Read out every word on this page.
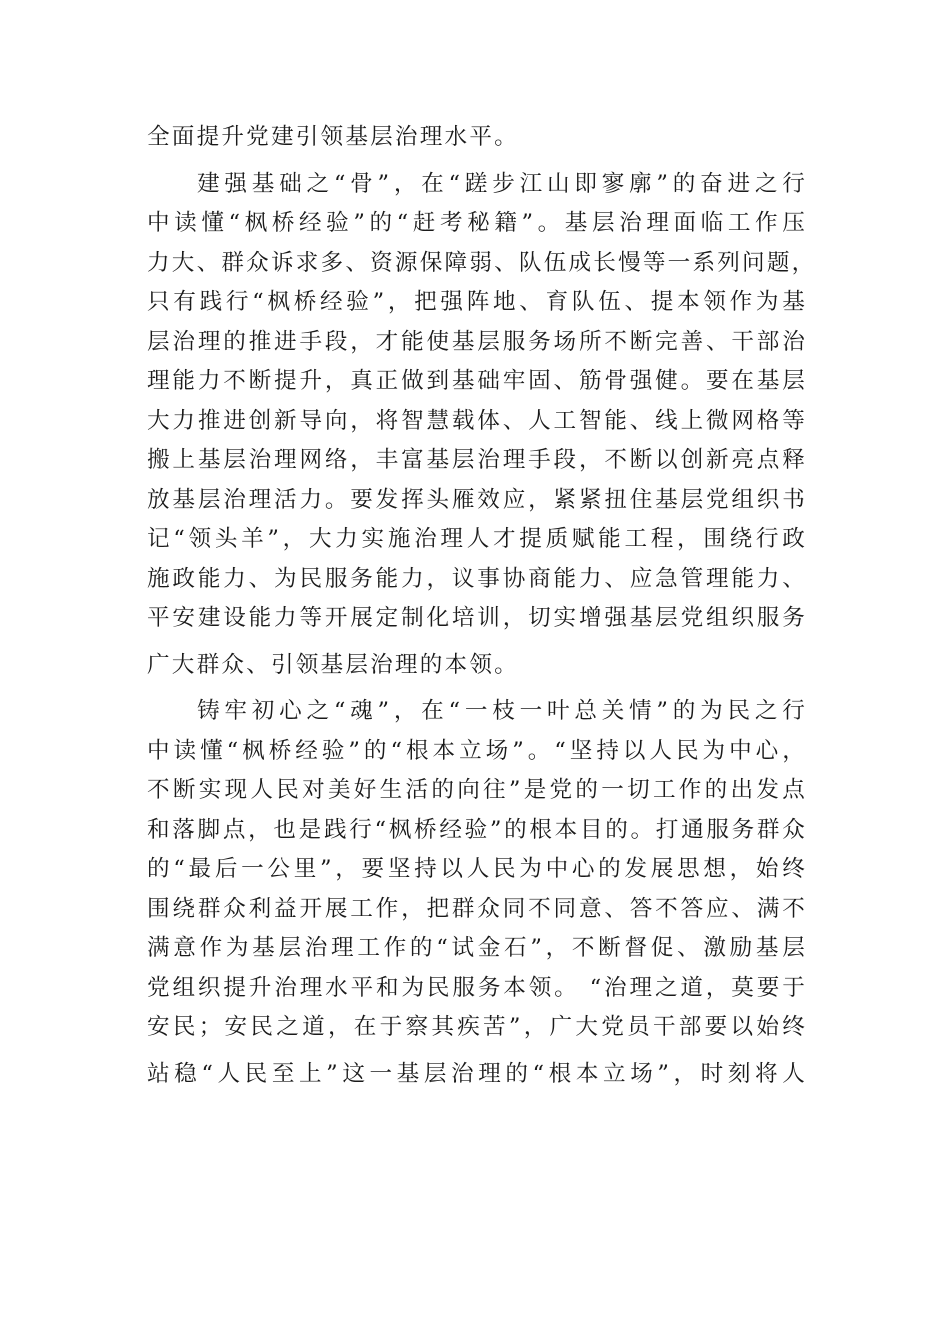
全面提升党建引领基层治理水平。
建强基础之“骨”，在“蹉步江山即寥廓”的奋进之行
中读懂“枫桥经验”的“赶考秘籍”。基层治理面临工作压
力大、群众诉求多、资源保障弱、队伍成长慢等一系列问题，
只有践行“枫桥经验”，把强阵地、育队伍、提本领作为基
层治理的推进手段，才能使基层服务场所不断完善、干部治
理能力不断提升，真正做到基础牢固、筋骨强健。要在基层
大力推进创新导向，将智慧载体、人工智能、线上微网格等
搬上基层治理网络，丰富基层治理手段，不断以创新亮点释
放基层治理活力。要发挥头雁效应，紧紧扭住基层党组织书
记“领头羊”，大力实施治理人才提质赋能工程，围绕行政
施政能力、为民服务能力，议事协商能力、应急管理能力、
平安建设能力等开展定制化培训，切实增强基层党组织服务
广大群众、引领基层治理的本领。
铸牢初心之“魂”，在“一枝一叶总关情”的为民之行
中读懂“枫桥经验”的“根本立场”。“坚持以人民为中心，
不断实现人民对美好生活的向往”是党的一切工作的出发点
和落脚点，也是践行“枫桥经验”的根本目的。打通服务群众
的“最后一公里”，要坚持以人民为中心的发展思想，始终
围绕群众利益开展工作，把群众同不同意、答不答应、满不
满意作为基层治理工作的“试金石”，不断督促、激励基层
党组织提升治理水平和为民服务本领。 “治理之道，莫要于
安民；安民之道，在于察其疾苦”，广大党员干部要以始终
站稳“人民至上”这一基层治理的“根本立场”，时刻将人
